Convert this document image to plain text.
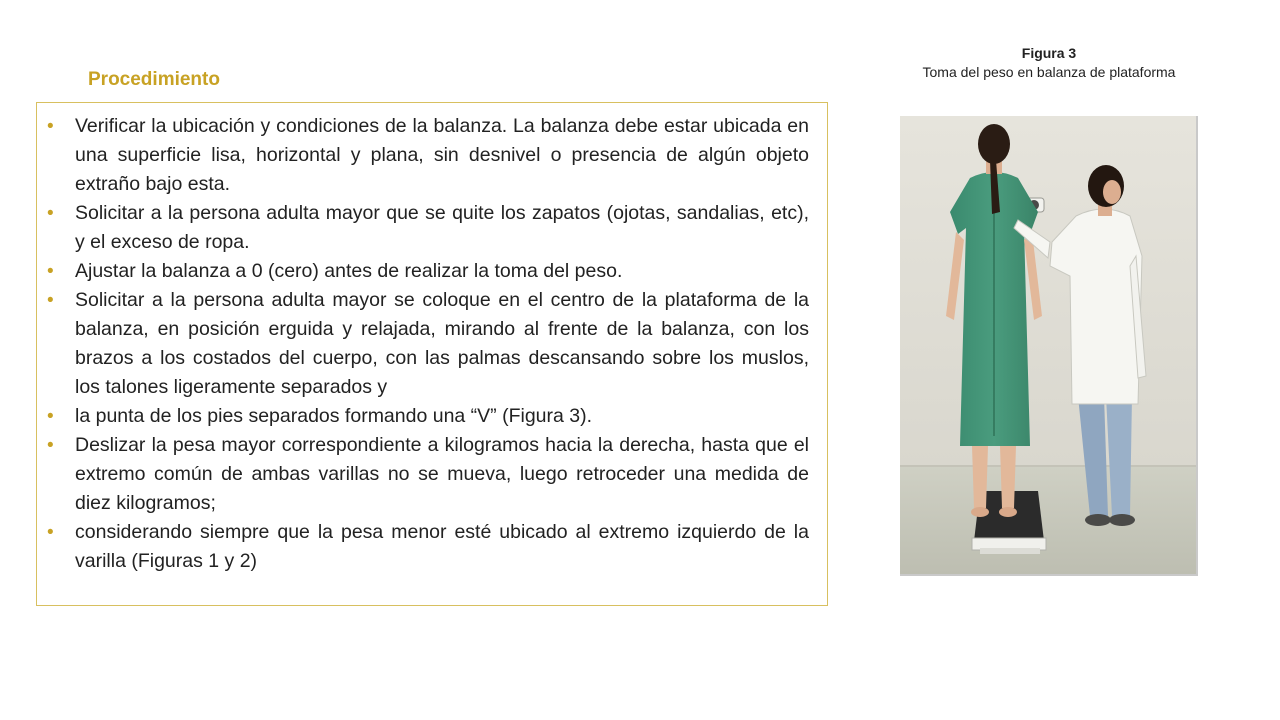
Procedimiento
• Verificar la ubicación y condiciones de la balanza. La balanza debe estar ubicada en una superficie lisa, horizontal y plana, sin desnivel o presencia de algún objeto extraño bajo esta.
• Solicitar a la persona adulta mayor que se quite los zapatos (ojotas, sandalias, etc), y el exceso de ropa.
• Ajustar la balanza a 0 (cero) antes de realizar la toma del peso.
• Solicitar a la persona adulta mayor se coloque en el centro de la plataforma de la balanza, en posición erguida y relajada, mirando al frente de la balanza, con los brazos a los costados del cuerpo, con las palmas descansando sobre los muslos, los talones ligeramente separados y
• la punta de los pies separados formando una “V” (Figura 3).
• Deslizar la pesa mayor correspondiente a kilogramos hacia la derecha, hasta que el extremo común de ambas varillas no se mueva, luego retroceder una medida de diez kilogramos;
• considerando siempre que la pesa menor esté ubicado al extremo izquierdo de la varilla (Figuras 1 y 2)
Figura 3
Toma del peso en balanza de plataforma
